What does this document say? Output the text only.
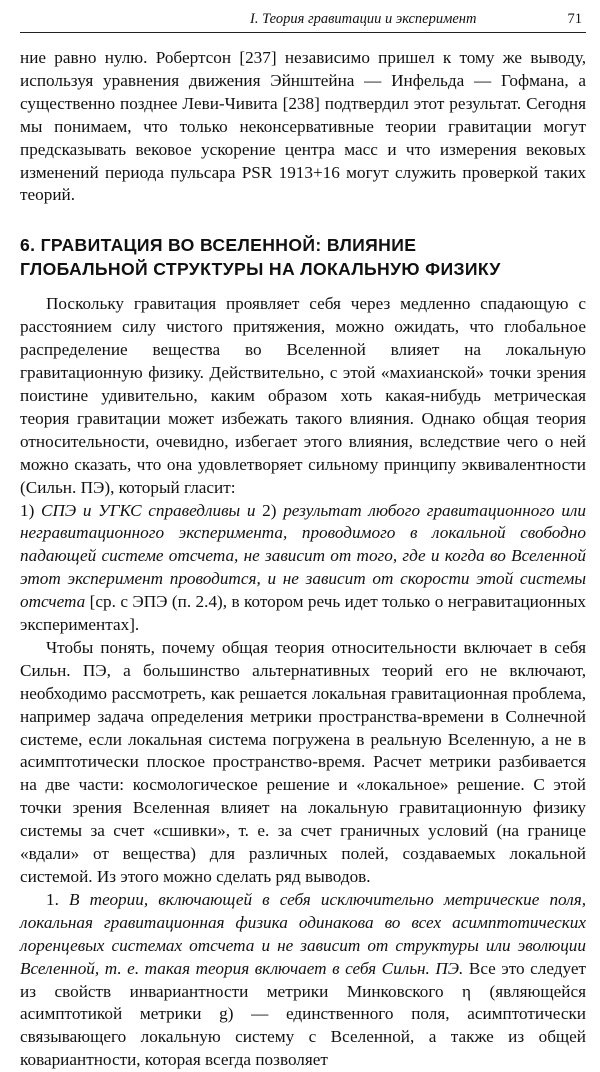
I. Теория гравитации и эксперимент	71

ние равно нулю. Робертсон [237] независимо пришел к тому же выводу, используя уравнения движения Эйнштейна — Инфельда — Гофмана, а существенно позднее Леви-Чивита [238] подтвердил этот результат. Сегодня мы понимаем, что только неконсервативные теории гравитации могут предсказывать вековое ускорение центра масс и что измерения вековых изменений периода пульсара PSR 1913+16 могут служить проверкой таких теорий.

6. ГРАВИТАЦИЯ ВО ВСЕЛЕННОЙ: ВЛИЯНИЕ
ГЛОБАЛЬНОЙ СТРУКТУРЫ НА ЛОКАЛЬНУЮ ФИЗИКУ

Поскольку гравитация проявляет себя через медленно спадающую с расстоянием силу чистого притяжения, можно ожидать, что глобальное распределение вещества во Вселенной влияет на локальную гравитационную физику. Действительно, с этой «махианской» точки зрения поистине удивительно, каким образом хоть какая-нибудь метрическая теория гравитации может избежать такого влияния. Однако общая теория относительности, очевидно, избегает этого влияния, вследствие чего о ней можно сказать, что она удовлетворяет сильному принципу эквивалентности (Сильн. ПЭ), который гласит:

1) СПЭ и УГКС справедливы и 2) результат любого гравитационного или негравитационного эксперимента, проводимого в локальной свободно падающей системе отсчета, не зависит от того, где и когда во Вселенной этот эксперимент проводится, и не зависит от скорости этой системы отсчета [ср. с ЭПЭ (п. 2.4), в котором речь идет только о негравитационных экспериментах].

Чтобы понять, почему общая теория относительности включает в себя Сильн. ПЭ, а большинство альтернативных теорий его не включают, необходимо рассмотреть, как решается локальная гравитационная проблема, например задача определения метрики пространства-времени в Солнечной системе, если локальная система погружена в реальную Вселенную, а не в асимптотически плоское пространство-время. Расчет метрики разбивается на две части: космологическое решение и «локальное» решение. С этой точки зрения Вселенная влияет на локальную гравитационную физику системы за счет «сшивки», т. е. за счет граничных условий (на границе «вдали» от вещества) для различных полей, создаваемых локальной системой. Из этого можно сделать ряд выводов.

1. В теории, включающей в себя исключительно метрические поля, локальная гравитационная физика одинакова во всех асимптотических лоренцевых системах отсчета и не зависит от структуры или эволюции Вселенной, т. е. такая теория включает в себя Сильн. ПЭ. Все это следует из свойств инвариантности метрики Минковского η (являющейся асимптотикой метрики g) — единственного поля, асимптотически связывающего локальную систему с Вселенной, а также из общей ковариантности, которая всегда позволяет
